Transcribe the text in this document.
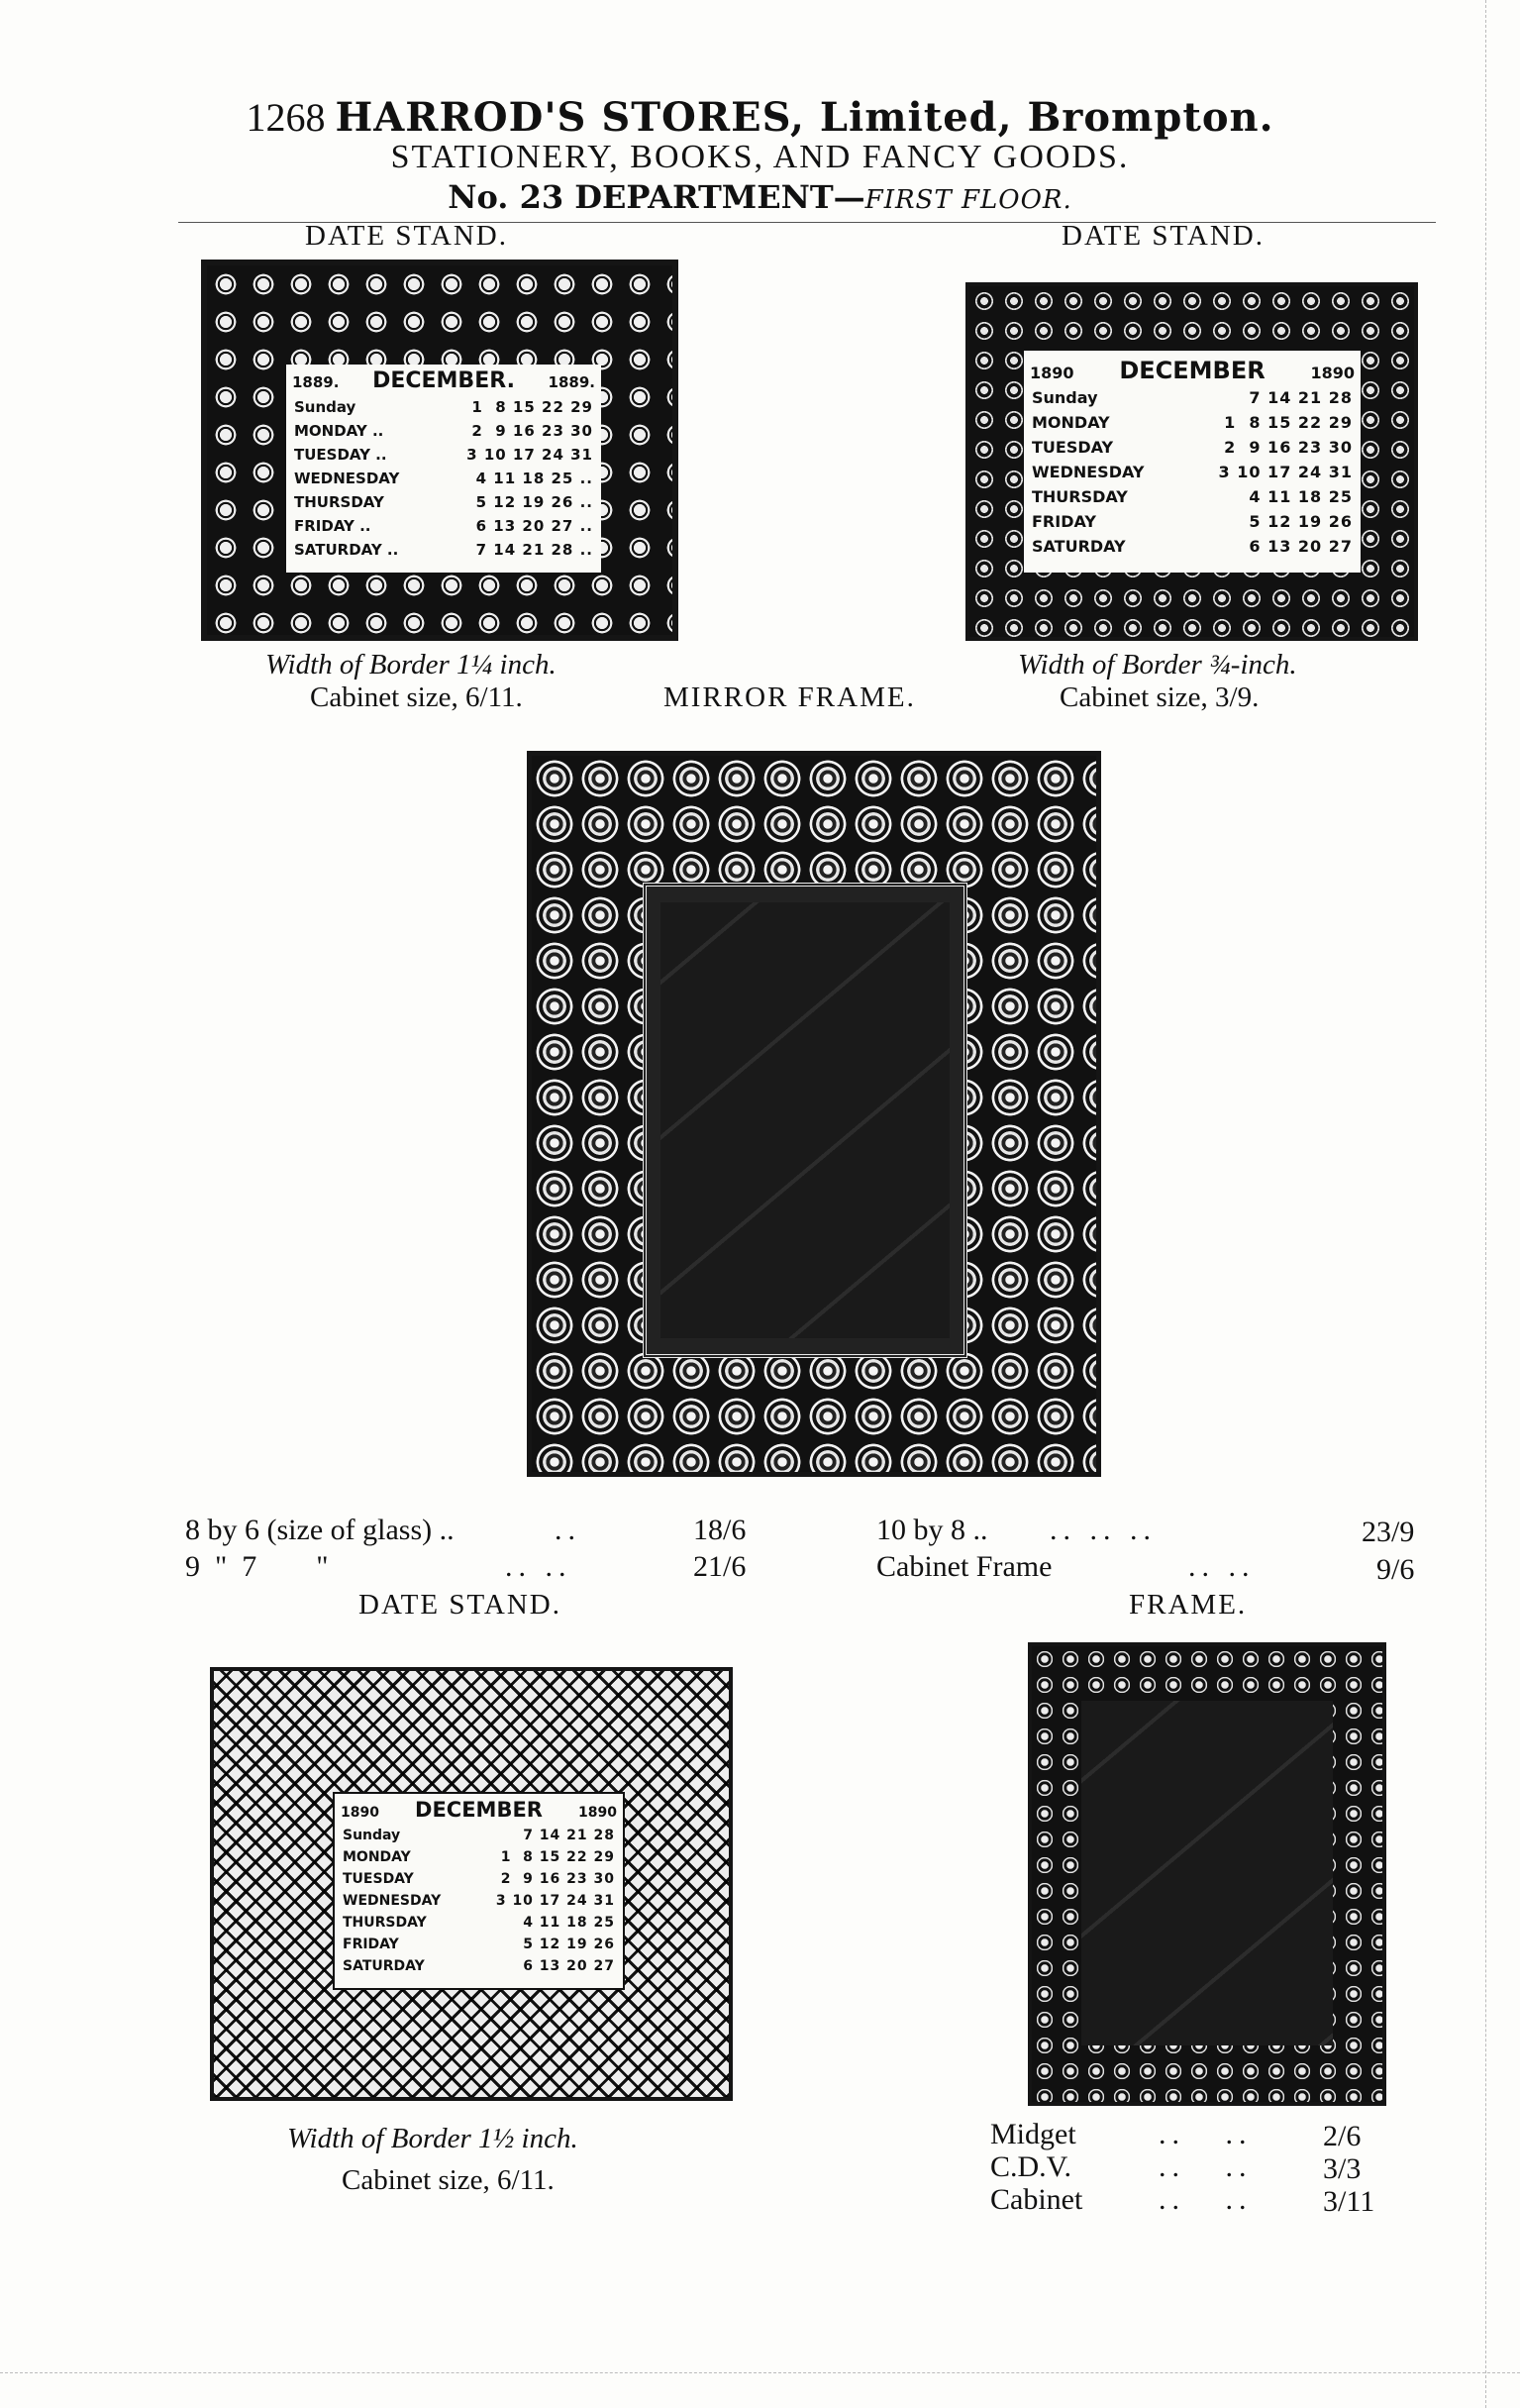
1268 HARROD'S STORES, Limited, Brompton.
STATIONERY, BOOKS, AND FANCY GOODS.
No. 23 DEPARTMENT—FIRST FLOOR.
DATE STAND.
1889. DECEMBER. 1889.
Sunday	1  8 15 22 29
MONDAY ..	2  9 16 23 30
TUESDAY ..	3 10 17 24 31
WEDNESDAY	4 11 18 25 ..
THURSDAY	5 12 19 26 ..
FRIDAY ..	6 13 20 27 ..
SATURDAY ..	7 14 21 28 ..
Width of Border 1¼ inch.
Cabinet size, 6/11.
DATE STAND.
1890 DECEMBER	1890
Sunday	7 14 21 28
MONDAY	1  8 15 22 29
TUESDAY	2  9 16 23 30
WEDNESDAY	3 10 17 24 31
THURSDAY	4 11 18 25
FRIDAY	5 12 19 26
SATURDAY	6 13 20 27
Width of Border ¾-inch.
Cabinet size, 3/9.
MIRROR FRAME.
8 by 6 (size of glass) ..	..	18/6
9  "  7        "	.. ..	21/6
10 by 8 .. .. .. ..	23/9
Cabinet Frame	.. ..	9/6
DATE STAND.
1890 DECEMBER	1890
Sunday	7 14 21 28
MONDAY	1  8 15 22 29
TUESDAY	2  9 16 23 30
WEDNESDAY	3 10 17 24 31
THURSDAY	4 11 18 25
FRIDAY	5 12 19 26
SATURDAY	6 13 20 27
Width of Border 1½ inch.
Cabinet size, 6/11.
FRAME.
Midget	..   .. 2/6
C.D.V.	..   .. 3/3
Cabinet	..   .. 3/11
